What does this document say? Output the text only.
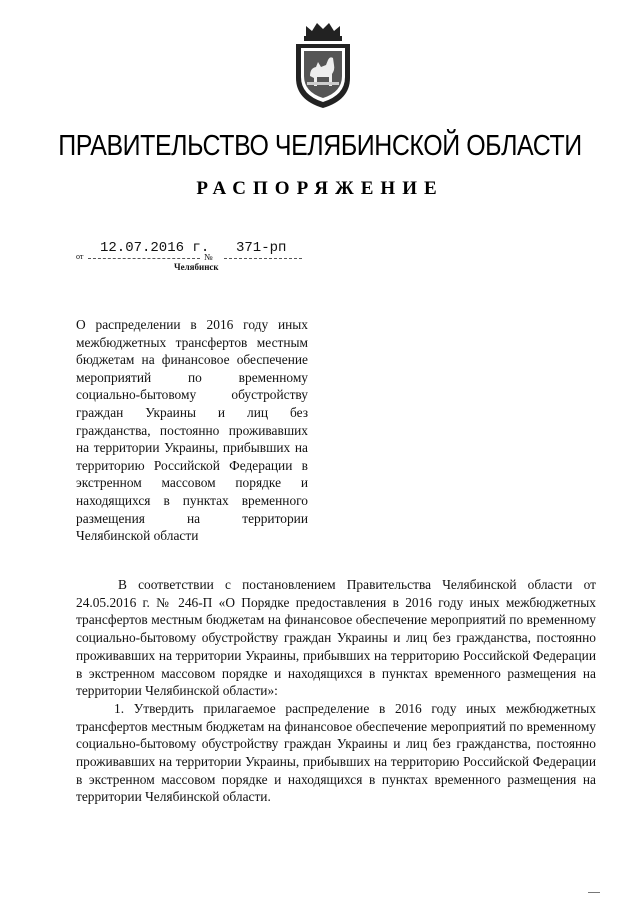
ПРАВИТЕЛЬСТВО ЧЕЛЯБИНСКОЙ ОБЛАСТИ
РАСПОРЯЖЕНИЕ
от
12.07.2016 г.
№
371-рп
Челябинск
О распределении в 2016 году иных межбюджетных трансфертов местным бюджетам на финансовое обеспечение мероприятий по временному социально-бытовому обустройству граждан Украины и лиц без гражданства, постоянно проживавших на территории Украины, прибывших на территорию Российской Федерации в экстренном массовом порядке и находящихся в пунктах временного размещения на территории Челябинской области

В соответствии с постановлением Правительства Челябинской области от 24.05.2016 г. № 246-П «О Порядке предоставления в 2016 году иных межбюджетных трансфертов местным бюджетам на финансовое обеспечение мероприятий по временному социально-бытовому обустройству граждан Украины и лиц без гражданства, постоянно проживавших на территории Украины, прибывших на территорию Российской Федерации в экстренном массовом порядке и находящихся в пунктах временного размещения на территории Челябинской области»:

1. Утвердить прилагаемое распределение в 2016 году иных межбюджетных трансфертов местным бюджетам на финансовое обеспечение мероприятий по временному социально-бытовому обустройству граждан Украины и лиц без гражданства, постоянно проживавших на территории Украины, прибывших на территорию Российской Федерации в экстренном массовом порядке и находящихся в пунктах временного размещения на территории Челябинской области.
